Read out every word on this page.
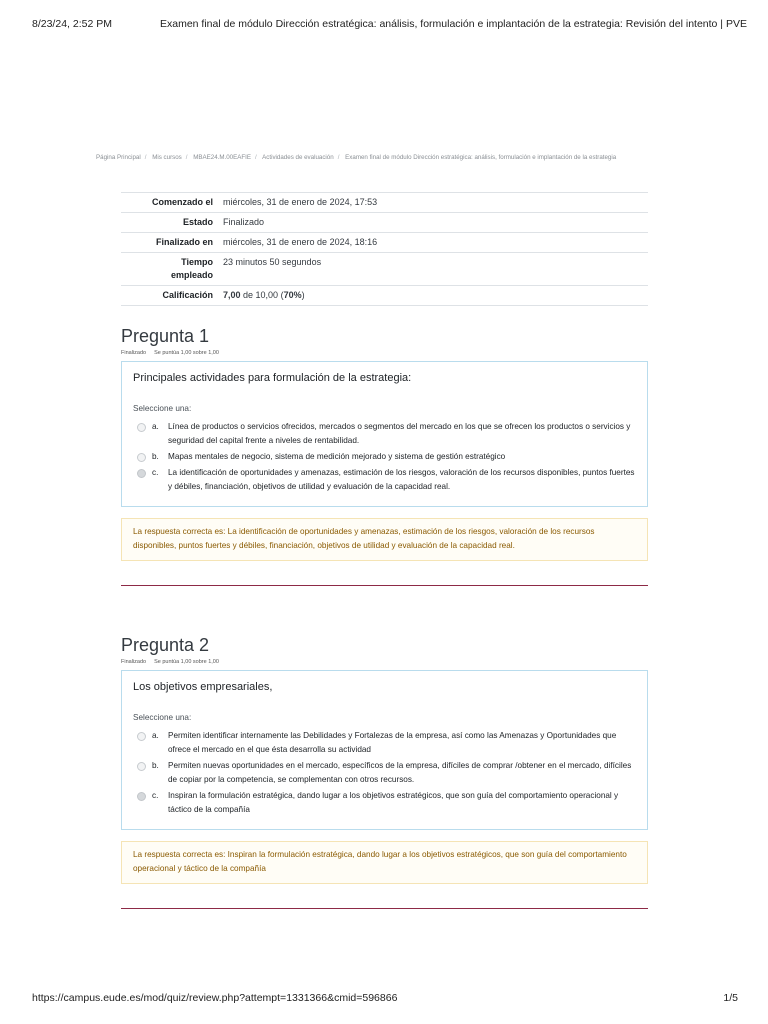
8/23/24, 2:52 PM	Examen final de módulo Dirección estratégica: análisis, formulación e implantación de la estrategia: Revisión del intento | PVE
Página Principal / Mis cursos / MBAE24.M.00EAFIE / Actividades de evaluación / Examen final de módulo Dirección estratégica: análisis, formulación e implantación de la estrategia
Comenzado el	miércoles, 31 de enero de 2024, 17:53
Estado	Finalizado
Finalizado en	miércoles, 31 de enero de 2024, 18:16
Tiempo
empleado	23 minutos 50 segundos
Calificación	7,00 de 10,00 (70%)
Pregunta 1
Finalizado Se puntúa 1,00 sobre 1,00

Principales actividades para formulación de la estrategia:

Seleccione una:
a.	Línea de productos o servicios ofrecidos, mercados o segmentos del mercado en los que se ofrecen los productos o servicios y seguridad del capital frente a niveles de rentabilidad.
b.	Mapas mentales de negocio, sistema de medición mejorado y sistema de gestión estratégico
c.	La identificación de oportunidades y amenazas, estimación de los riesgos, valoración de los recursos disponibles, puntos fuertes y débiles, financiación, objetivos de utilidad y evaluación de la capacidad real.
La respuesta correcta es: La identificación de oportunidades y amenazas, estimación de los riesgos, valoración de los recursos disponibles, puntos fuertes y débiles, financiación, objetivos de utilidad y evaluación de la capacidad real.
Pregunta 2
Finalizado Se puntúa 1,00 sobre 1,00

Los objetivos empresariales,

Seleccione una:
a.	Permiten identificar internamente las Debilidades y Fortalezas de la empresa, así como las Amenazas y Oportunidades que ofrece el mercado en el que ésta desarrolla su actividad
b.	Permiten nuevas oportunidades en el mercado, específicos de la empresa, difíciles de comprar /obtener en el mercado, difíciles de copiar por la competencia, se complementan con otros recursos.
c.	Inspiran la formulación estratégica, dando lugar a los objetivos estratégicos, que son guía del comportamiento operacional y táctico de la compañía
La respuesta correcta es: Inspiran la formulación estratégica, dando lugar a los objetivos estratégicos, que son guía del comportamiento operacional y táctico de la compañía
https://campus.eude.es/mod/quiz/review.php?attempt=1331366&cmid=596866	1/5
